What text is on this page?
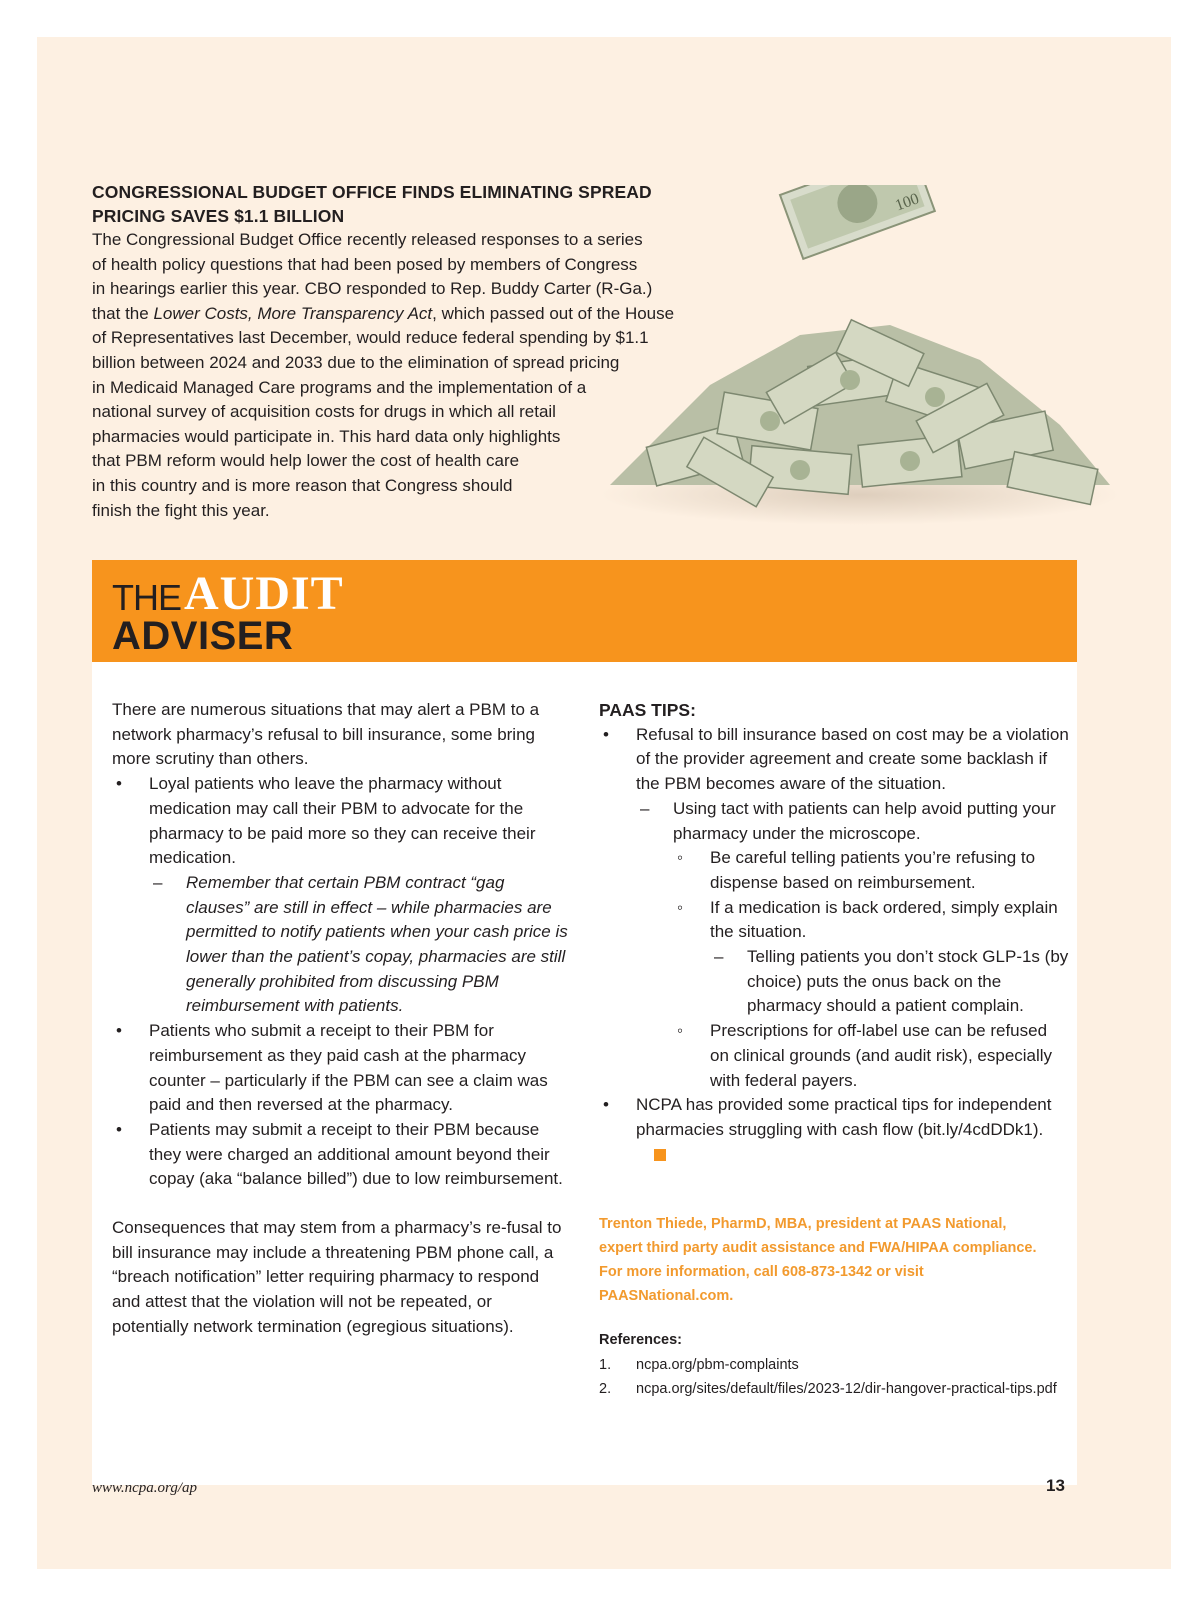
CONGRESSIONAL BUDGET OFFICE FINDS ELIMINATING SPREAD
PRICING SAVES $1.1 BILLION

The Congressional Budget Office recently released responses to a series
of health policy questions that had been posed by members of Congress
in hearings earlier this year. CBO responded to Rep. Buddy Carter (R-Ga.)
that the Lower Costs, More Transparency Act, which passed out of the House
of Representatives last December, would reduce federal spending by $1.1
billion between 2024 and 2033 due to the elimination of spread pricing
in Medicaid Managed Care programs and the implementation of a
national survey of acquisition costs for drugs in which all retail
pharmacies would participate in. This hard data only highlights
that PBM reform would help lower the cost of health care
in this country and is more reason that Congress should
finish the fight this year.

100
THE AUDIT
ADVISER

There are numerous situations that may alert a PBM to a network pharmacy’s refusal to bill insurance, some bring more scrutiny than others.

• Loyal patients who leave the pharmacy without medication may call their PBM to advocate for the pharmacy to be paid more so they can receive their medication.
– Remember that certain PBM contract “gag clauses” are still in effect – while pharmacies are permitted to notify patients when your cash price is lower than the patient’s copay, pharmacies are still generally prohibited from discussing PBM reimbursement with patients.
• Patients who submit a receipt to their PBM for reimbursement as they paid cash at the pharmacy counter – particularly if the PBM can see a claim was paid and then reversed at the pharmacy.
• Patients may submit a receipt to their PBM because they were charged an additional amount beyond their copay (aka “balance billed”) due to low reimbursement.

Consequences that may stem from a pharmacy’s re-fusal to bill insurance may include a threatening PBM phone call, a “breach notification” letter requiring pharmacy to respond and attest that the violation will not be repeated, or potentially network termination (egregious situations).

PAAS TIPS:
• Refusal to bill insurance based on cost may be a violation of the provider agreement and create some backlash if the PBM becomes aware of the situation.
– Using tact with patients can help avoid putting your pharmacy under the microscope.
◦ Be careful telling patients you’re refusing to dispense based on reimbursement.
◦ If a medication is back ordered, simply explain the situation.
– Telling patients you don’t stock GLP-1s (by choice) puts the onus back on the pharmacy should a patient complain.
◦ Prescriptions for off-label use can be refused on clinical grounds (and audit risk), especially with federal payers.
• NCPA has provided some practical tips for independent pharmacies struggling with cash flow (bit.ly/4cdDDk1).
Trenton Thiede, PharmD, MBA, president at PAAS National, expert third party audit assistance and FWA/HIPAA compliance. For more information, call 608-873-1342 or visit PAASNational.com.
References:
1. ncpa.org/pbm-complaints
2. ncpa.org/sites/default/files/2023-12/dir-hangover-practical-tips.pdf
www.ncpa.org/ap	13
